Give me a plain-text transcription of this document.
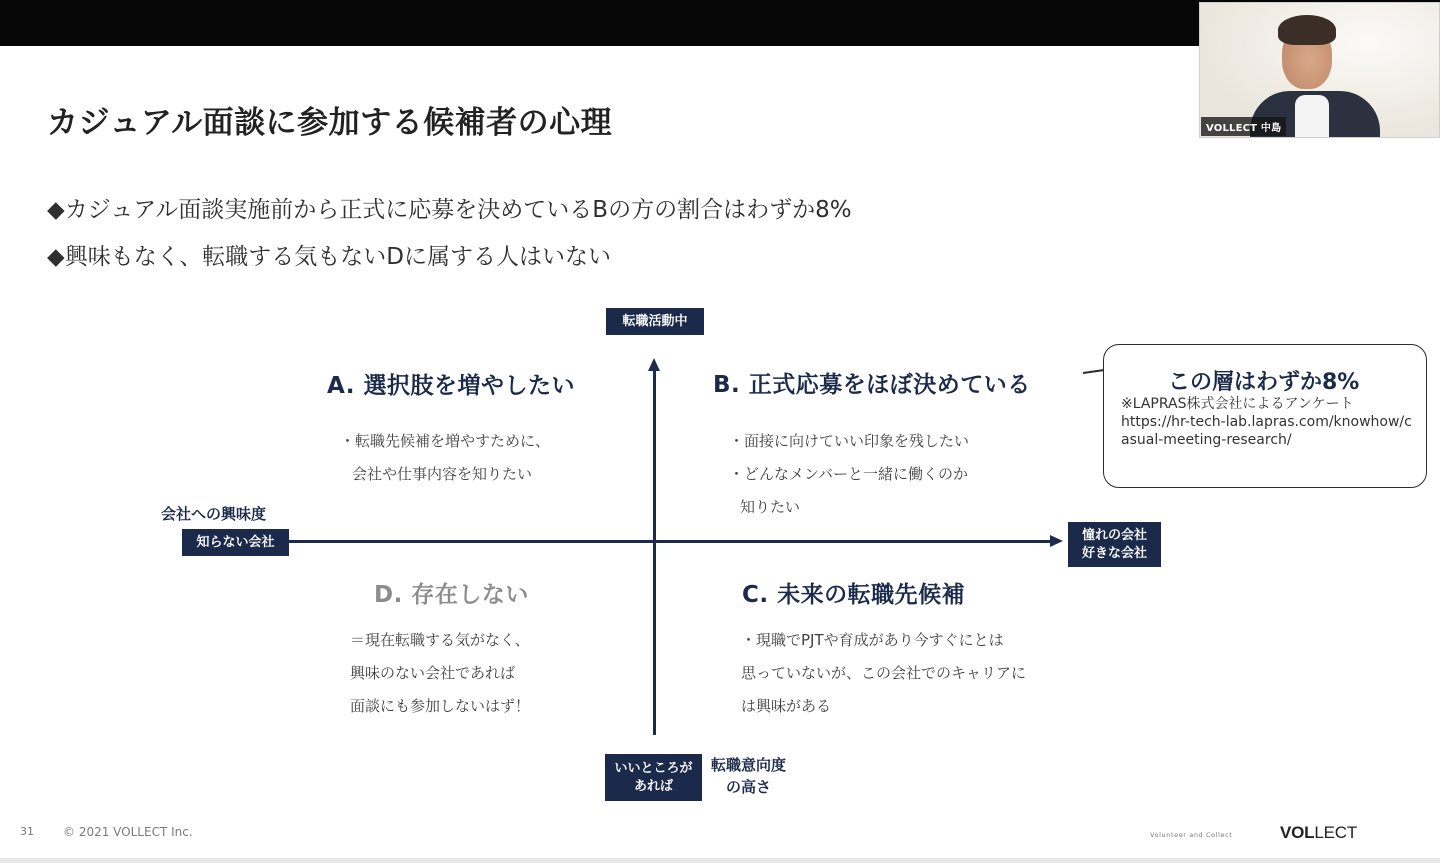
VOLLECT 中島
カジュアル面談に参加する候補者の心理
◆カジュアル面談実施前から正式に応募を決めているBの方の割合はわずか8%
◆興味もなく、転職する気もないDに属する人はいない
転職活動中
いいところが
あれば
転職意向度
の高さ
知らない会社
会社への興味度
憧れの会社
好きな会社
A. 選択肢を増やしたい
・転職先候補を増やすために、
会社や仕事内容を知りたい
B. 正式応募をほぼ決めている
・面接に向けていい印象を残したい
・どんなメンバーと一緒に働くのか
知りたい
C. 未来の転職先候補
・現職でPJTや育成があり今すぐにとは
思っていないが、この会社でのキャリアに
は興味がある
D. 存在しない
＝現在転職する気がなく、
興味のない会社であれば
面談にも参加しないはず！
この層はわずか8%
※LAPRAS株式会社によるアンケート
https://hr-tech-lab.lapras.com/knowhow/casual-meeting-research/
31 © 2021 VOLLECT Inc.	Volunteer and Collect	VOLLECT
